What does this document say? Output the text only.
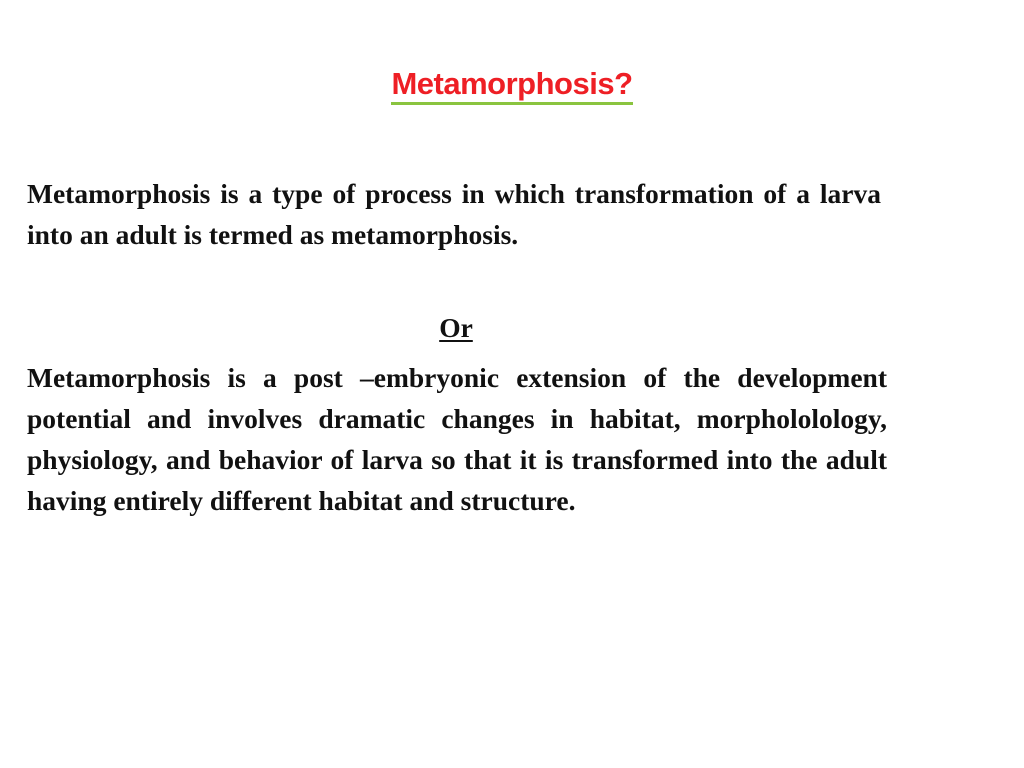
Metamorphosis?

Metamorphosis is a type of process in which transformation of a larva into an adult is termed as metamorphosis.

Or

Metamorphosis is a post –embryonic extension of the development potential and involves dramatic changes in habitat, morphololology, physiology, and behavior of larva so that it is transformed into the adult having entirely different habitat and structure.
